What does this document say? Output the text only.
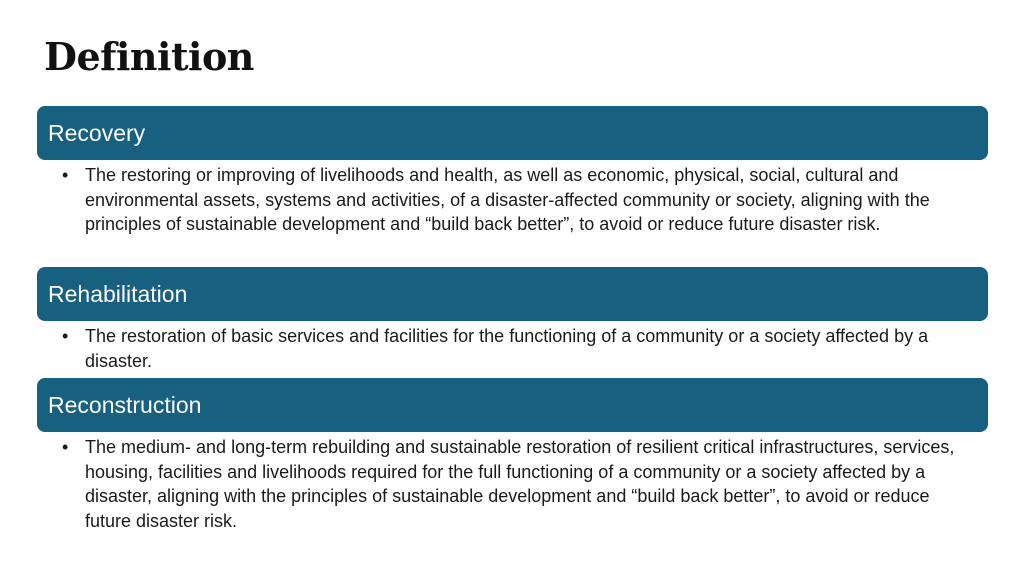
Definition
Recovery
• The restoring or improving of livelihoods and health, as well as economic, physical, social, cultural and environmental assets, systems and activities, of a disaster-affected community or society, aligning with the principles of sustainable development and “build back better”, to avoid or reduce future disaster risk.
Rehabilitation
• The restoration of basic services and facilities for the functioning of a community or a society affected by a disaster.
Reconstruction
• The medium- and long-term rebuilding and sustainable restoration of resilient critical infrastructures, services, housing, facilities and livelihoods required for the full functioning of a community or a society affected by a disaster, aligning with the principles of sustainable development and “build back better”, to avoid or reduce future disaster risk.
